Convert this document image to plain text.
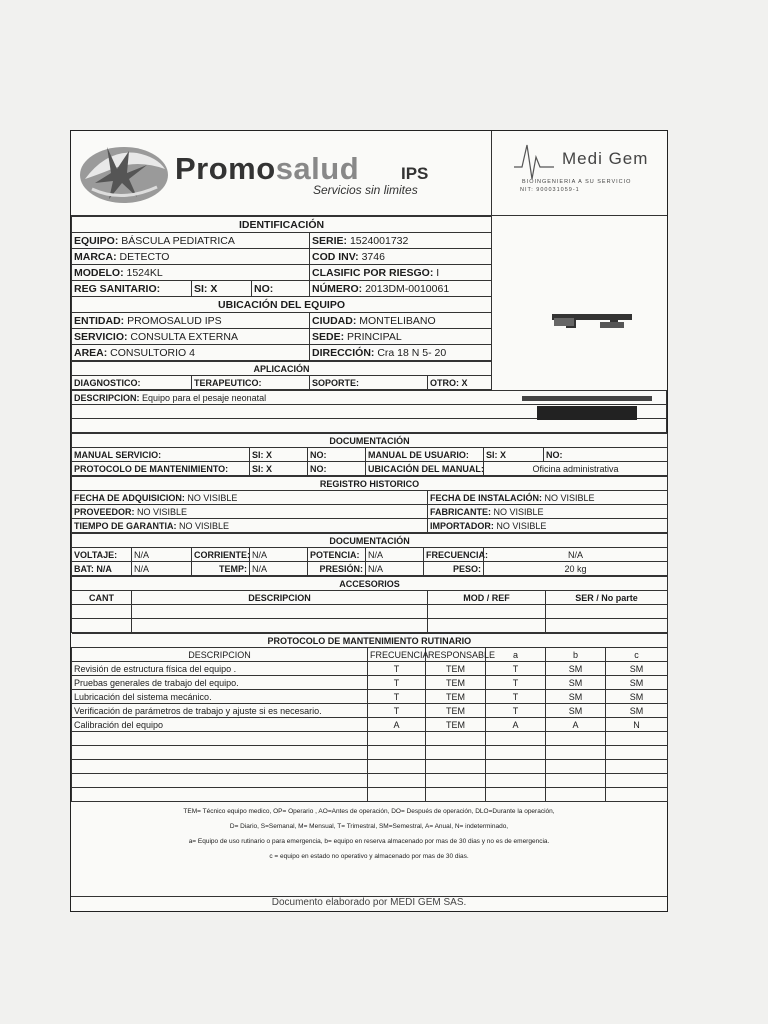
Promosalud IPS
Servicios sin limites
Medi Gem
BIOINGENIERIA A SU SERVICIO
NIT: 900031059-1
IDENTIFICACIÓN			
EQUIPO: BÁSCULA PEDIATRICA			SERIE: 1524001732
MARCA: DETECTO			COD INV: 3746
MODELO: 1524KL			CLASIFIC POR RIESGO: I
REG SANITARIO:	SI: X	NO:	NÚMERO: 2013DM-0010061
UBICACIÓN DEL EQUIPO			
ENTIDAD: PROMOSALUD IPS			CIUDAD: MONTELIBANO
SERVICIO: CONSULTA EXTERNA			SEDE: PRINCIPAL
AREA: CONSULTORIO 4			DIRECCIÓN: Cra 18 N 5- 20
APLICACIÓN
DIAGNOSTICO:	TERAPEUTICO:	SOPORTE:	OTRO: X
DESCRIPCION: Equipo para el pesaje neonatal

DOCUMENTACIÓN					
MANUAL SERVICIO:	SI: X	NO:	MANUAL DE USUARIO:	SI: X	NO:
PROTOCOLO DE MANTENIMIENTO:	SI: X	NO:	UBICACIÓN DEL MANUAL:	Oficina administrativa	
REGISTRO HISTORICO	
FECHA DE ADQUISICION: NO VISIBLE	FECHA DE INSTALACIÓN: NO VISIBLE
PROVEEDOR: NO VISIBLE	FABRICANTE: NO VISIBLE
TIEMPO DE GARANTIA: NO VISIBLE	IMPORTADOR: NO VISIBLE
DOCUMENTACIÓN							
VOLTAJE:	N/A	CORRIENTE:	N/A	POTENCIA:	N/A	FRECUENCIA:	N/A
BAT: N/A	N/A	TEMP:	N/A	PRESIÓN:	N/A	PESO:	20 kg
ACCESORIOS			
CANT	DESCRIPCION	MOD / REF	SER / No parte

PROTOCOLO DE MANTENIMIENTO RUTINARIO					
DESCRIPCION	FRECUENCIA	RESPONSABLE	a	b	c
Revisión de estructura física del equipo .	T	TEM	T	SM	SM
Pruebas generales de trabajo del equipo.	T	TEM	T	SM	SM
Lubricación del sistema mecánico.	T	TEM	T	SM	SM
Verificación de parámetros de trabajo y ajuste si es necesario.	T	TEM	T	SM	SM
Calibración del equipo	A	TEM	A	A	N

TEM= Técnico equipo medico, OP= Operario , AO=Antes de operación, DO= Después de operación, DLO=Durante la operación,
D= Diario, S=Semanal, M= Mensual, T= Trimestral, SM=Semestral, A= Anual, N= indeterminado,
a= Equipo de uso rutinario o para emergencia, b= equipo en reserva almacenado por mas de 30 dias y no es de emergencia.
c = equipo en estado no operativo y almacenado por mas de 30 dias.
Documento elaborado por MEDI GEM SAS.
